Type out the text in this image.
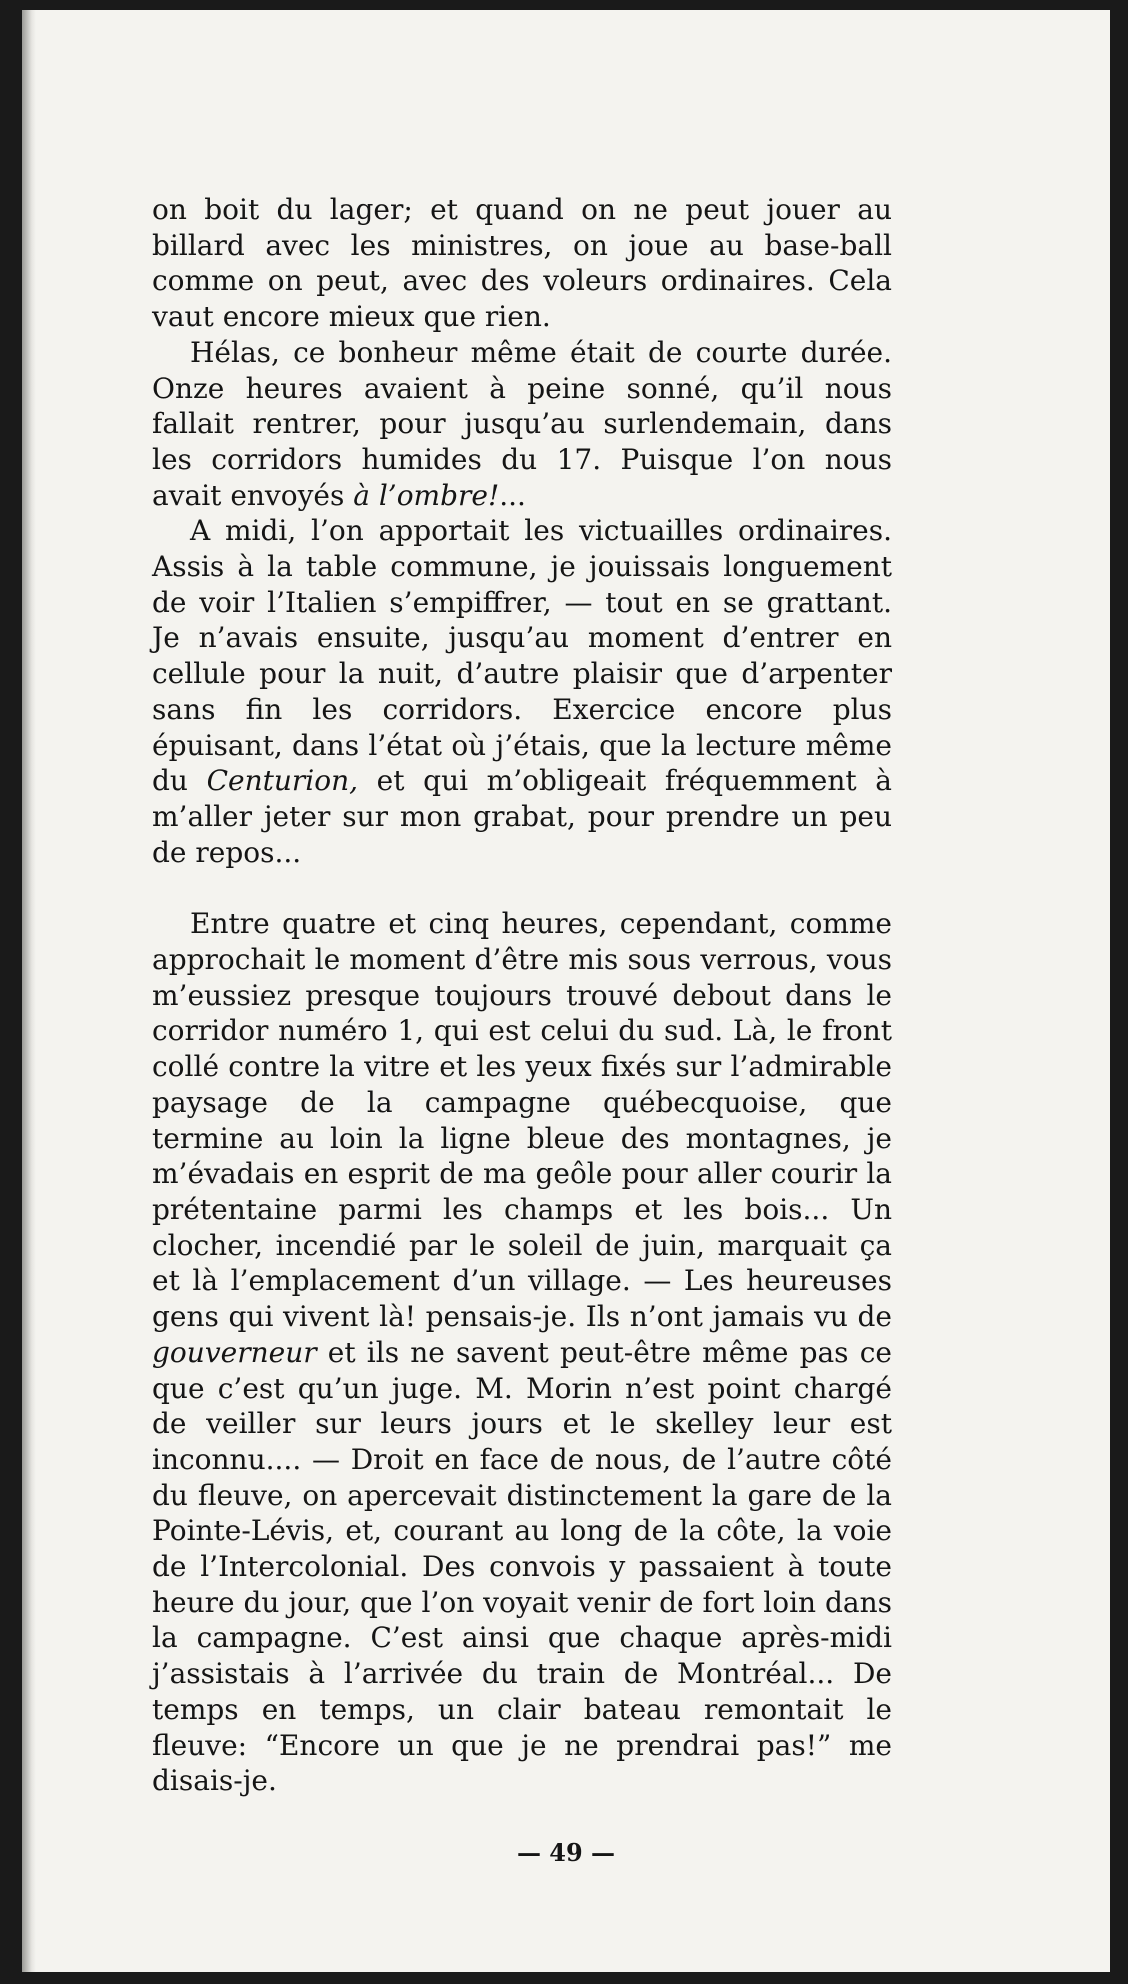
on boit du lager; et quand on ne peut jouer au billard avec les ministres, on joue au base-ball comme on peut, avec des voleurs ordinaires. Cela vaut encore mieux que rien.

Hélas, ce bonheur même était de courte durée. Onze heures avaient à peine sonné, qu’il nous fallait rentrer, pour jusqu’au surlendemain, dans les corridors humides du 17. Puisque l’on nous avait envoyés à l’ombre!...

A midi, l’on apportait les victuailles ordinaires. Assis à la table commune, je jouissais longuement de voir l’Italien s’empiffrer, — tout en se grattant. Je n’avais ensuite, jusqu’au moment d’entrer en cellule pour la nuit, d’autre plaisir que d’arpenter sans fin les corridors. Exercice encore plus épuisant, dans l’état où j’étais, que la lecture même du Centurion, et qui m’obligeait fréquemment à m’aller jeter sur mon grabat, pour prendre un peu de repos...

Entre quatre et cinq heures, cependant, comme approchait le moment d’être mis sous verrous, vous m’eussiez presque toujours trouvé debout dans le corridor numéro 1, qui est celui du sud. Là, le front collé contre la vitre et les yeux fixés sur l’admirable paysage de la campagne québecquoise, que termine au loin la ligne bleue des montagnes, je m’évadais en esprit de ma geôle pour aller courir la prétentaine parmi les champs et les bois... Un clocher, incendié par le soleil de juin, marquait ça et là l’emplacement d’un village. — Les heureuses gens qui vivent là! pensais-je. Ils n’ont jamais vu de gouverneur et ils ne savent peut-être même pas ce que c’est qu’un juge. M. Morin n’est point chargé de veiller sur leurs jours et le skelley leur est inconnu.... — Droit en face de nous, de l’autre côté du fleuve, on apercevait distinctement la gare de la Pointe-Lévis, et, courant au long de la côte, la voie de l’Intercolonial. Des convois y passaient à toute heure du jour, que l’on voyait venir de fort loin dans la campagne. C’est ainsi que chaque après-midi j’assistais à l’arrivée du train de Montréal... De temps en temps, un clair bateau remontait le fleuve: “Encore un que je ne prendrai pas!” me disais-je.

— 49 —
